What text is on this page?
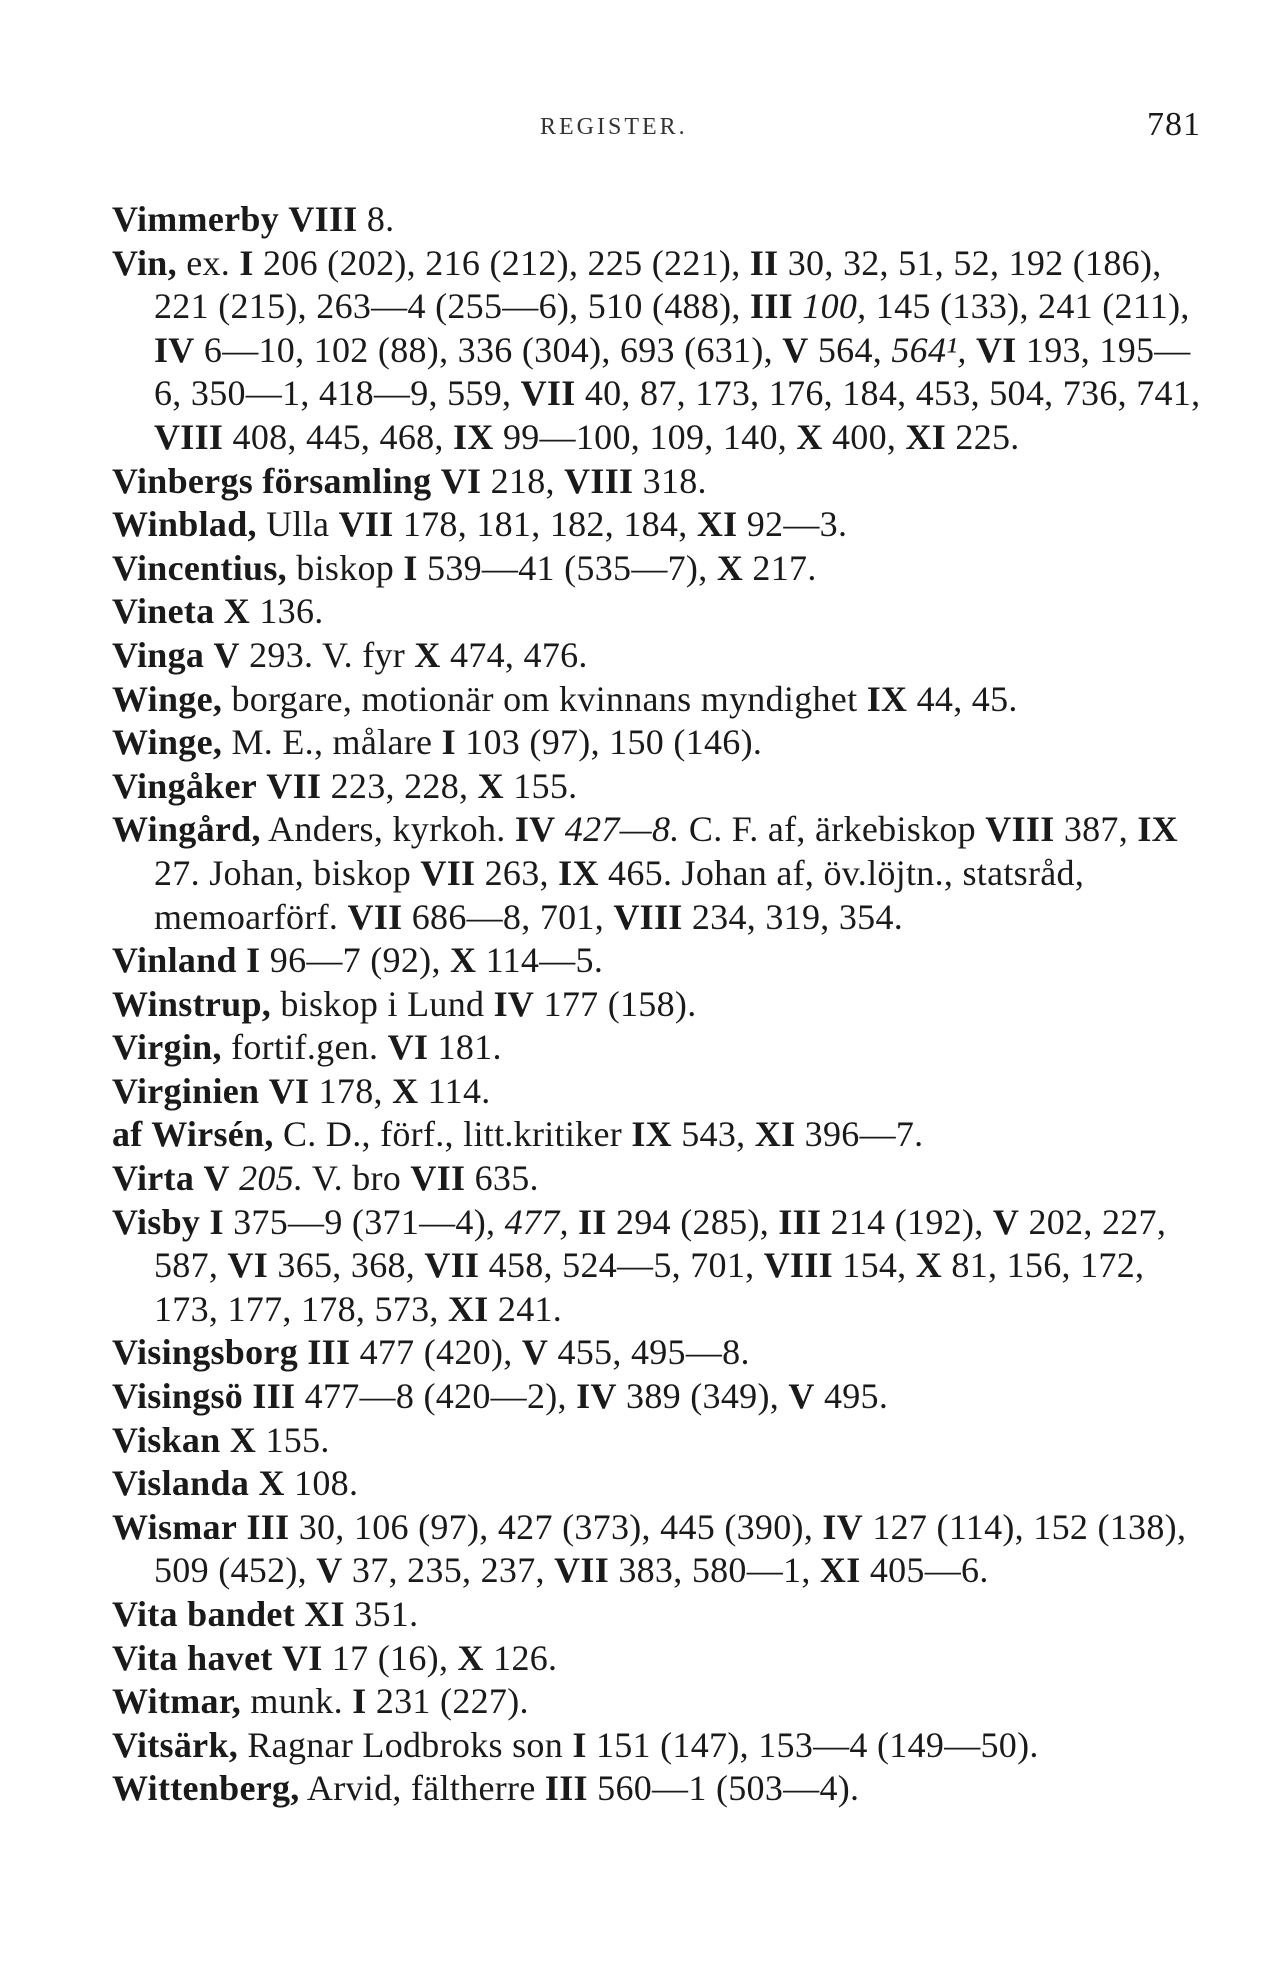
REGISTER.	781
Vimmerby VIII 8.
Vin, ex. I 206 (202), 216 (212), 225 (221), II 30, 32, 51, 52, 192 (186), 221 (215), 263—4 (255—6), 510 (488), III 100, 145 (133), 241 (211), IV 6—10, 102 (88), 336 (304), 693 (631), V 564, 564¹, VI 193, 195—6, 350—1, 418—9, 559, VII 40, 87, 173, 176, 184, 453, 504, 736, 741, VIII 408, 445, 468, IX 99—100, 109, 140, X 400, XI 225.
Vinbergs församling VI 218, VIII 318.
Winblad, Ulla VII 178, 181, 182, 184, XI 92—3.
Vincentius, biskop I 539—41 (535—7), X 217.
Vineta X 136.
Vinga V 293. V. fyr X 474, 476.
Winge, borgare, motionär om kvinnans myndighet IX 44, 45.
Winge, M. E., målare I 103 (97), 150 (146).
Vingåker VII 223, 228, X 155.
Wingård, Anders, kyrkoh. IV 427—8. C. F. af, ärkebiskop VIII 387, IX 27. Johan, biskop VII 263, IX 465. Johan af, öv.löjtn., statsråd, memoarförf. VII 686—8, 701, VIII 234, 319, 354.
Vinland I 96—7 (92), X 114—5.
Winstrup, biskop i Lund IV 177 (158).
Virgin, fortif.gen. VI 181.
Virginien VI 178, X 114.
af Wirsén, C. D., förf., litt.kritiker IX 543, XI 396—7.
Virta V 205. V. bro VII 635.
Visby I 375—9 (371—4), 477, II 294 (285), III 214 (192), V 202, 227, 587, VI 365, 368, VII 458, 524—5, 701, VIII 154, X 81, 156, 172, 173, 177, 178, 573, XI 241.
Visingsborg III 477 (420), V 455, 495—8.
Visingsö III 477—8 (420—2), IV 389 (349), V 495.
Viskan X 155.
Vislanda X 108.
Wismar III 30, 106 (97), 427 (373), 445 (390), IV 127 (114), 152 (138), 509 (452), V 37, 235, 237, VII 383, 580—1, XI 405—6.
Vita bandet XI 351.
Vita havet VI 17 (16), X 126.
Witmar, munk. I 231 (227).
Vitsärk, Ragnar Lodbroks son I 151 (147), 153—4 (149—50).
Wittenberg, Arvid, fältherre III 560—1 (503—4).
